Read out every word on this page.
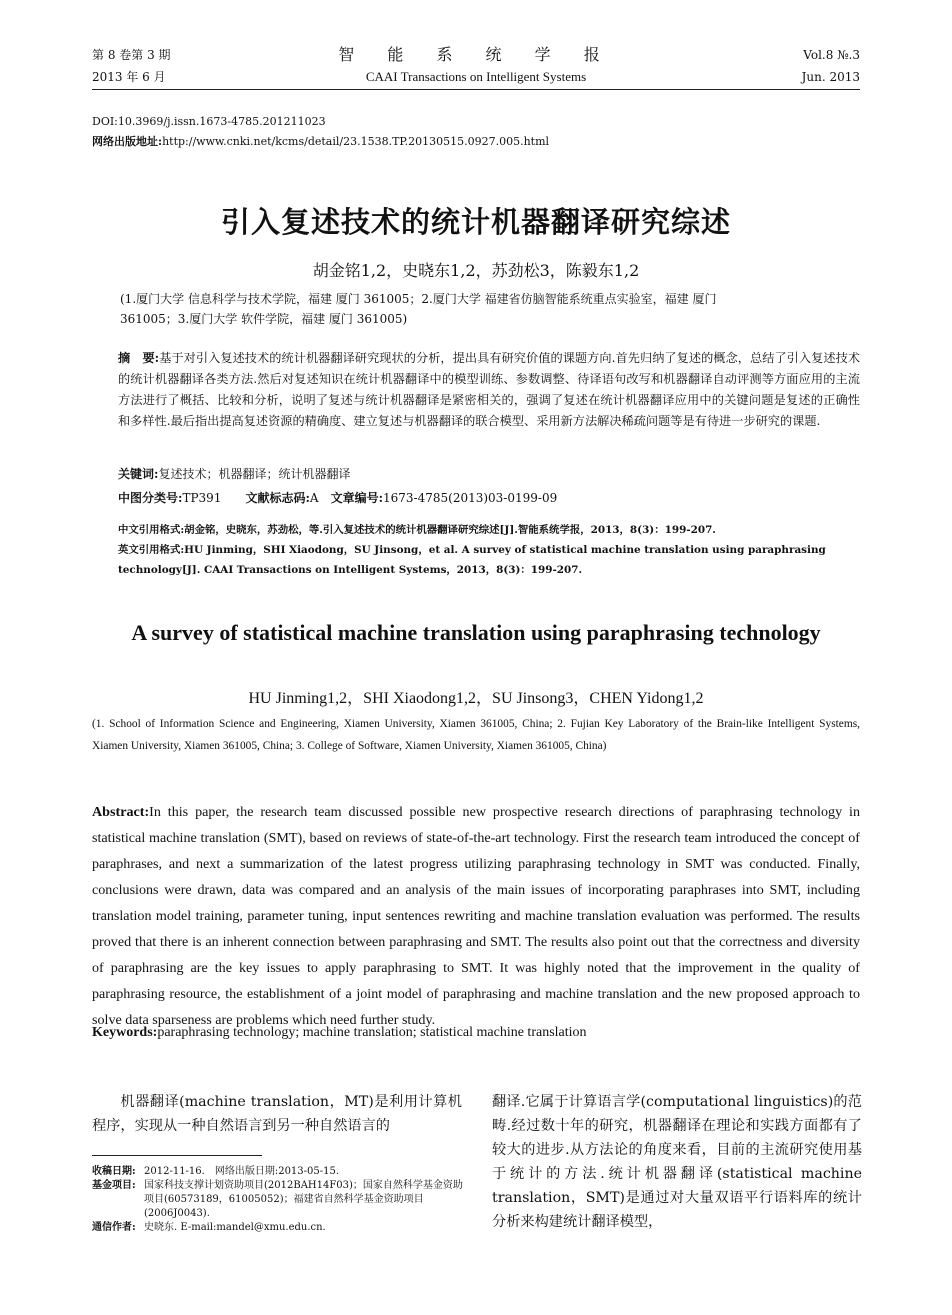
第 8 卷第 3 期
2013 年 6 月
智 能 系 统 学 报
CAAI Transactions on Intelligent Systems
Vol.8 №.3
Jun. 2013
DOI:10.3969/j.issn.1673-4785.201211023
网络出版地址:http://www.cnki.net/kcms/detail/23.1538.TP.20130515.0927.005.html
引入复述技术的统计机器翻译研究综述
胡金铭1,2，史晓东1,2，苏劲松3，陈毅东1,2
(1.厦门大学 信息科学与技术学院，福建 厦门 361005；2.厦门大学 福建省仿脑智能系统重点实验室，福建 厦门
361005；3.厦门大学 软件学院，福建 厦门 361005)
摘　要:基于对引入复述技术的统计机器翻译研究现状的分析，提出具有研究价值的课题方向.首先归纳了复述的概念，总结了引入复述技术的统计机器翻译各类方法.然后对复述知识在统计机器翻译中的模型训练、参数调整、待译语句改写和机器翻译自动评测等方面应用的主流方法进行了概括、比较和分析，说明了复述与统计机器翻译是紧密相关的，强调了复述在统计机器翻译应用中的关键问题是复述的正确性和多样性.最后指出提高复述资源的精确度、建立复述与机器翻译的联合模型、采用新方法解决稀疏问题等是有待进一步研究的课题.
关键词:复述技术；机器翻译；统计机器翻译
中图分类号:TP391　　 文献标志码:A　 文章编号:1673-4785(2013)03-0199-09

中文引用格式:胡金铭，史晓东，苏劲松，等.引入复述技术的统计机器翻译研究综述[J].智能系统学报，2013，8(3)：199-207.

英文引用格式:HU Jinming，SHI Xiaodong，SU Jinsong，et al. A survey of statistical machine translation using paraphrasing technology[J]. CAAI Transactions on Intelligent Systems，2013，8(3)：199-207.

A survey of statistical machine translation using paraphrasing technology
HU Jinming1,2，SHI Xiaodong1,2，SU Jinsong3，CHEN Yidong1,2
(1. School of Information Science and Engineering, Xiamen University, Xiamen 361005, China; 2. Fujian Key Laboratory of the Brain-like Intelligent Systems, Xiamen University, Xiamen 361005, China; 3. College of Software, Xiamen University, Xiamen 361005, China)
Abstract:In this paper, the research team discussed possible new prospective research directions of paraphrasing technology in statistical machine translation (SMT), based on reviews of state-of-the-art technology. First the research team introduced the concept of paraphrases, and next a summarization of the latest progress utilizing paraphrasing technology in SMT was conducted. Finally, conclusions were drawn, data was compared and an analysis of the main issues of incorporating paraphrases into SMT, including translation model training, parameter tuning, input sentences rewriting and machine translation evaluation was performed. The results proved that there is an inherent connection between paraphrasing and SMT. The results also point out that the correctness and diversity of paraphrasing are the key issues to apply paraphrasing to SMT. It was highly noted that the improvement in the quality of paraphrasing resource, the establishment of a joint model of paraphrasing and machine translation and the new proposed approach to solve data sparseness are problems which need further study.
Keywords:paraphrasing technology; machine translation; statistical machine translation

机器翻译(machine translation，MT)是利用计算机程序，实现从一种自然语言到另一种自然语言的

翻译.它属于计算语言学(computational linguistics)的范畴.经过数十年的研究，机器翻译在理论和实践方面都有了较大的进步.从方法论的角度来看，目前的主流研究使用基于统计的方法.统计机器翻译(statistical machine translation，SMT)是通过对大量双语平行语料库的统计分析来构建统计翻译模型，

收稿日期: 2012-11-16.　网络出版日期:2013-05-15.
基金项目: 国家科技支撑计划资助项目(2012BAH14F03)；国家自然科学基金资助项目(60573189，61005052)；福建省自然科学基金资助项目(2006J0043).
通信作者: 史晓东. E-mail:mandel@xmu.edu.cn.
